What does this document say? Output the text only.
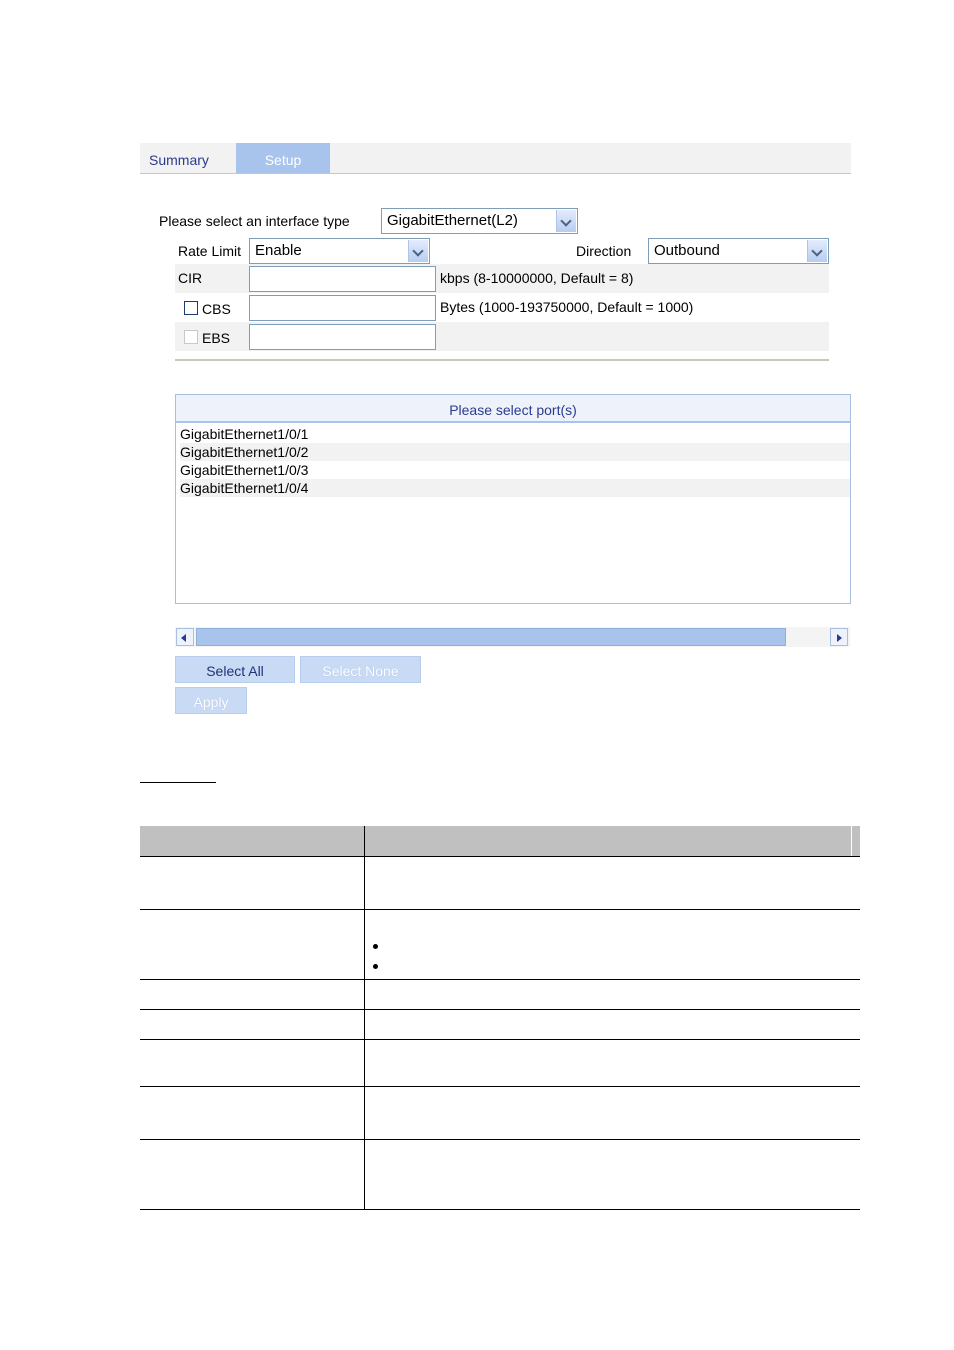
Summary	Setup
Please select an interface type	GigabitEthernet(L2)
Rate Limit Enable	Direction	Outbound
CIR	kbps (8-10000000, Default = 8)
CBS	Bytes (1000-193750000, Default = 1000)
EBS
Please select port(s)
GigabitEthernet1/0/1
GigabitEthernet1/0/2
GigabitEthernet1/0/3
GigabitEthernet1/0/4
Select All	Select None
Apply
